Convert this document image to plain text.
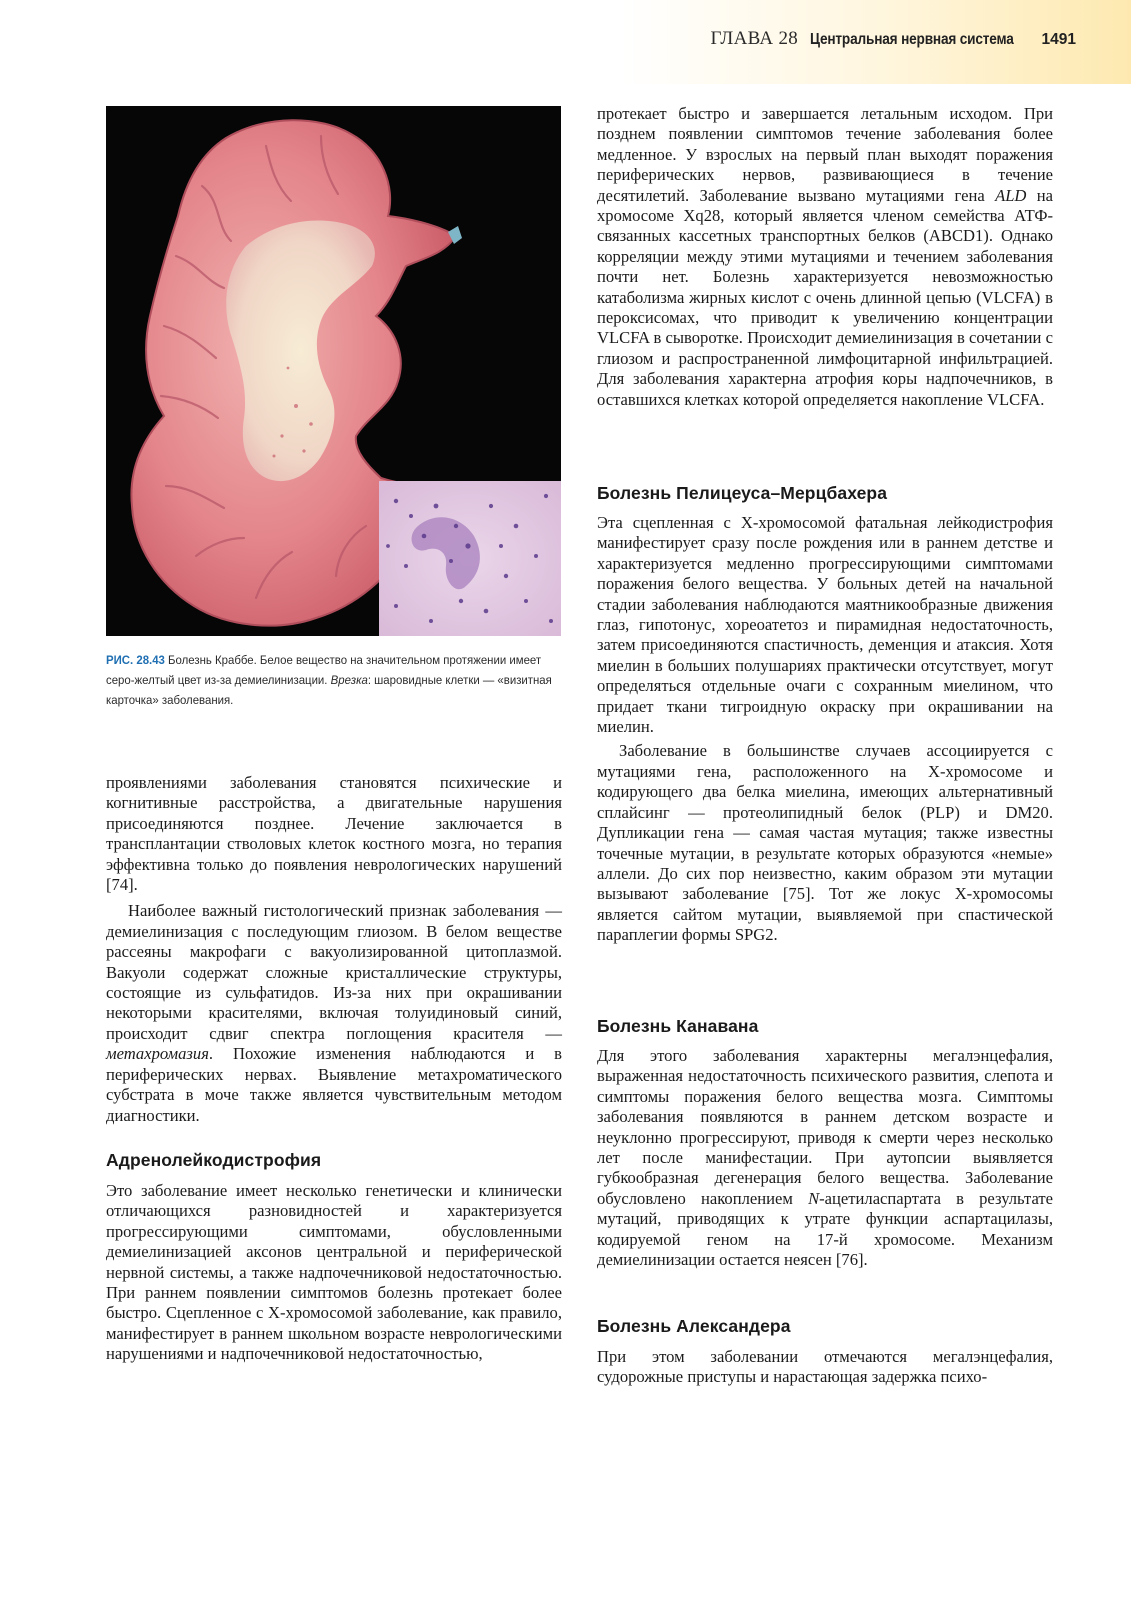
ГЛАВА 28 Центральная нервная система 1491
РИС. 28.43 Болезнь Краббе. Белое вещество на значительном протяжении имеет серо-желтый цвет из-за демиелинизации. Врезка: шаровидные клетки — «визитная карточка» заболевания.

проявлениями заболевания становятся психические и когнитивные расстройства, а двигательные нарушения присоединяются позднее. Лечение заключается в трансплантации стволовых клеток костного мозга, но терапия эффективна только до появления неврологических нарушений [74].

Наиболее важный гистологический признак заболевания — демиелинизация с последующим глиозом. В белом веществе рассеяны макрофаги с вакуолизированной цитоплазмой. Вакуоли содержат сложные кристаллические структуры, состоящие из сульфатидов. Из-за них при окрашивании некоторыми красителями, включая толуидиновый синий, происходит сдвиг спектра поглощения красителя — метахромазия. Похожие изменения наблюдаются и в периферических нервах. Выявление метахроматического субстрата в моче также является чувствительным методом диагностики.

Адренолейкодистрофия

Это заболевание имеет несколько генетически и клинически отличающихся разновидностей и характеризуется прогрессирующими симптомами, обусловленными демиелинизацией аксонов центральной и периферической нервной системы, а также надпочечниковой недостаточностью. При раннем появлении симптомов болезнь протекает более быстро. Сцепленное с Х-хромосомой заболевание, как правило, манифестирует в раннем школьном возрасте неврологическими нарушениями и надпочечниковой недостаточностью,

протекает быстро и завершается летальным исходом. При позднем появлении симптомов течение заболевания более медленное. У взрослых на первый план выходят поражения периферических нервов, развивающиеся в течение десятилетий. Заболевание вызвано мутациями гена ALD на хромосоме Xq28, который является членом семейства АТФ-связанных кассетных транспортных белков (ABCD1). Однако корреляции между этими мутациями и течением заболевания почти нет. Болезнь характеризуется невозможностью катаболизма жирных кислот с очень длинной цепью (VLCFA) в пероксисомах, что приводит к увеличению концентрации VLCFA в сыворотке. Происходит демиелинизация в сочетании с глиозом и распространенной лимфоцитарной инфильтрацией. Для заболевания характерна атрофия коры надпочечников, в оставшихся клетках которой определяется накопление VLCFA.

Болезнь Пелицеуса–Мерцбахера

Эта сцепленная с Х-хромосомой фатальная лейкодистрофия манифестирует сразу после рождения или в раннем детстве и характеризуется медленно прогрессирующими симптомами поражения белого вещества. У больных детей на начальной стадии заболевания наблюдаются маятникообразные движения глаз, гипотонус, хореоатетоз и пирамидная недостаточность, затем присоединяются спастичность, деменция и атаксия. Хотя миелин в больших полушариях практически отсутствует, могут определяться отдельные очаги с сохранным миелином, что придает ткани тигроидную окраску при окрашивании на миелин.

Заболевание в большинстве случаев ассоциируется с мутациями гена, расположенного на Х-хромосоме и кодирующего два белка миелина, имеющих альтернативный сплайсинг — протеолипидный белок (PLP) и DM20. Дупликации гена — самая частая мутация; также известны точечные мутации, в результате которых образуются «немые» аллели. До сих пор неизвестно, каким образом эти мутации вызывают заболевание [75]. Тот же локус Х-хромосомы является сайтом мутации, выявляемой при спастической параплегии формы SPG2.

Болезнь Канавана

Для этого заболевания характерны мегалэнцефалия, выраженная недостаточность психического развития, слепота и симптомы поражения белого вещества мозга. Симптомы заболевания появляются в раннем детском возрасте и неуклонно прогрессируют, приводя к смерти через несколько лет после манифестации. При аутопсии выявляется губкообразная дегенерация белого вещества. Заболевание обусловлено накоплением N-ацетиласпартата в результате мутаций, приводящих к утрате функции аспартацилазы, кодируемой геном на 17-й хромосоме. Механизм демиелинизации остается неясен [76].

Болезнь Александера

При этом заболевании отмечаются мегалэнцефалия, судорожные приступы и нарастающая задержка психо-
